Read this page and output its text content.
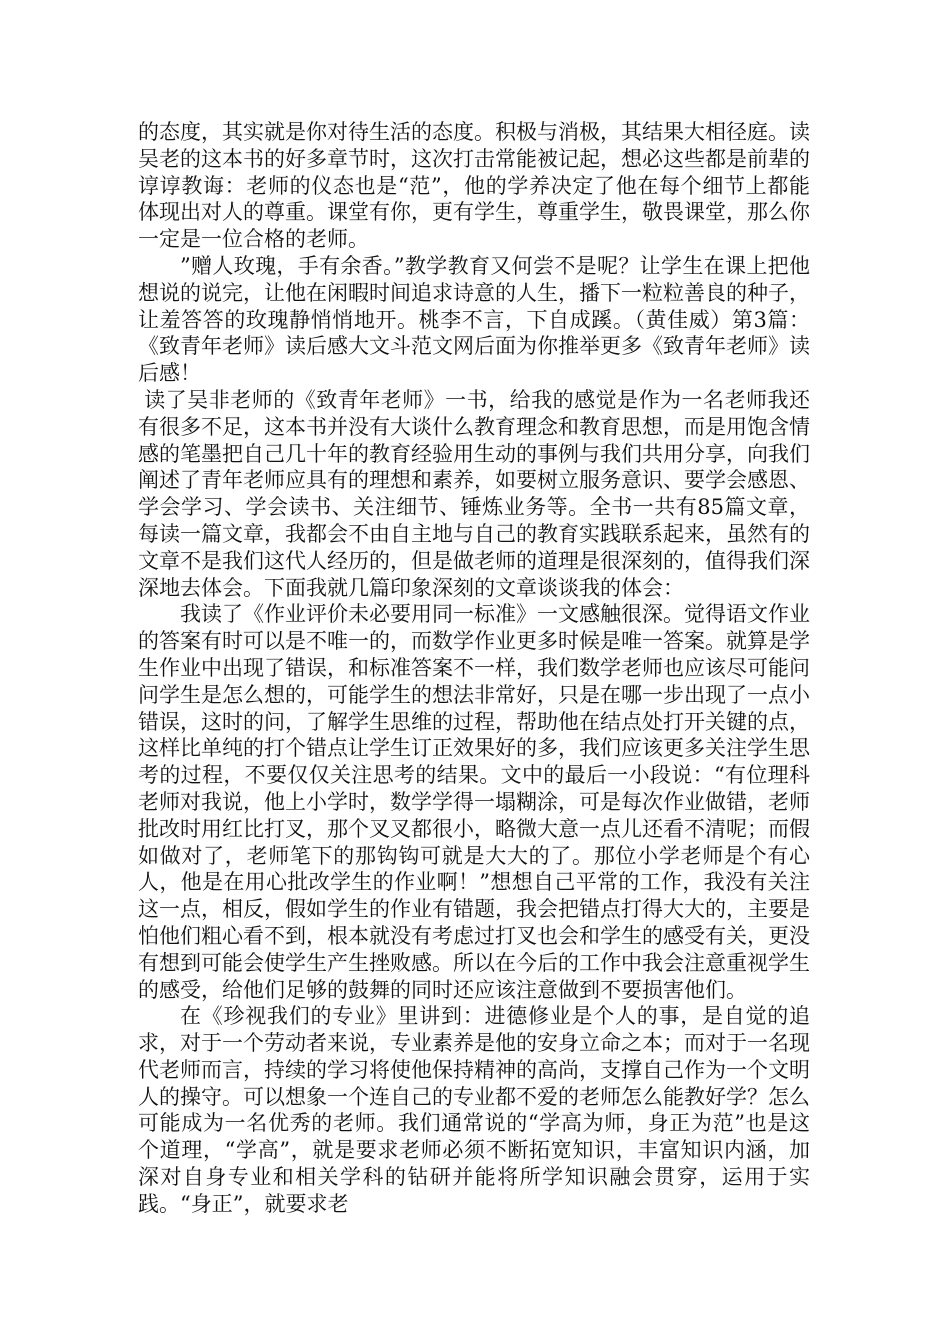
的态度，其实就是你对待生活的态度。积极与消极，其结果大相径庭。读吴老的这本书的好多章节时，这次打击常能被记起，想必这些都是前辈的谆谆教诲：老师的仪态也是“范”，他的学养决定了他在每个细节上都能体现出对人的尊重。课堂有你，更有学生，尊重学生，敬畏课堂，那么你一定是一位合格的老师。

”赠人玫瑰，手有余香。”教学教育又何尝不是呢？让学生在课上把他想说的说完，让他在闲暇时间追求诗意的人生，播下一粒粒善良的种子，让羞答答的玫瑰静悄悄地开。桃李不言，下自成蹊。（黄佳威）第3篇：《致青年老师》读后感大文斗范文网后面为你推举更多《致青年老师》读后感！

读了吴非老师的《致青年老师》一书，给我的感觉是作为一名老师我还有很多不足，这本书并没有大谈什么教育理念和教育思想，而是用饱含情感的笔墨把自己几十年的教育经验用生动的事例与我们共用分享，向我们阐述了青年老师应具有的理想和素养，如要树立服务意识、要学会感恩、学会学习、学会读书、关注细节、锤炼业务等。全书一共有85篇文章，每读一篇文章，我都会不由自主地与自己的教育实践联系起来，虽然有的文章不是我们这代人经历的，但是做老师的道理是很深刻的，值得我们深深地去体会。下面我就几篇印象深刻的文章谈谈我的体会：

我读了《作业评价未必要用同一标准》一文感触很深。觉得语文作业的答案有时可以是不唯一的，而数学作业更多时候是唯一答案。就算是学生作业中出现了错误，和标准答案不一样，我们数学老师也应该尽可能问问学生是怎么想的，可能学生的想法非常好，只是在哪一步出现了一点小错误，这时的问，了解学生思维的过程，帮助他在结点处打开关键的点，这样比单纯的打个错点让学生订正效果好的多，我们应该更多关注学生思考的过程，不要仅仅关注思考的结果。文中的最后一小段说：“有位理科老师对我说，他上小学时，数学学得一塌糊涂，可是每次作业做错，老师批改时用红比打叉，那个叉叉都很小，略微大意一点儿还看不清呢；而假如做对了，老师笔下的那钩钩可就是大大的了。那位小学老师是个有心人，他是在用心批改学生的作业啊！”想想自己平常的工作，我没有关注这一点，相反，假如学生的作业有错题，我会把错点打得大大的，主要是怕他们粗心看不到，根本就没有考虑过打叉也会和学生的感受有关，更没有想到可能会使学生产生挫败感。所以在今后的工作中我会注意重视学生的感受，给他们足够的鼓舞的同时还应该注意做到不要损害他们。

在《珍视我们的专业》里讲到：进德修业是个人的事，是自觉的追求，对于一个劳动者来说，专业素养是他的安身立命之本；而对于一名现代老师而言，持续的学习将使他保持精神的高尚，支撑自己作为一个文明人的操守。可以想象一个连自己的专业都不爱的老师怎么能教好学？怎么可能成为一名优秀的老师。我们通常说的“学高为师，身正为范”也是这个道理，“学高”，就是要求老师必须不断拓宽知识，丰富知识内涵，加深对自身专业和相关学科的钻研并能将所学知识融会贯穿，运用于实践。“身正”，就要求老
